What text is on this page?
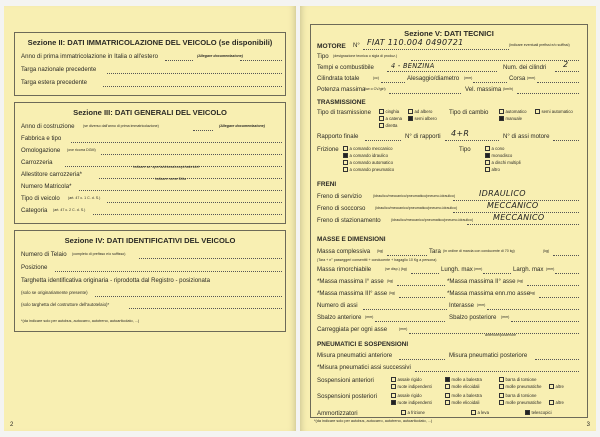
Sezione II: DATI IMMATRICOLAZIONE DEL VEICOLO (se disponibili)
Anno di prima immatricolazione in Italia o all'estero	(Allegare documentazione)
Targa nazionale precedente
Targa estera precedente
Sezione III: DATI GENERALI DEL VEICOLO
Anno di costruzione (se diverso dall'anno di prima immatricolazione)	(Allegare documentazione)
Fabbrica e tipo
Omologazione (ove ricorra DGM)
Carrozzeria
indicare se: aperta/chiusa/coupè/cabriolet
Allestitore carrozzeria*
indicare nome Ditta
Numero Matricola*
Tipo di veicolo (art. 47 c. 1 C. d. S.)
Categoria (art. 47 c. 2 C. d. S.)
Sezione IV: DATI IDENTIFICATIVI DEL VEICOLO
Numero di Telaio (completo di prefisso e/o suffisso)
Posizione
Targhetta identificativa originaria - riprodotta dal Registro - posizionata
(solo se originariamente presente)
(solo targhetta del costruttore dell'autotelaio)*
*(da indicare solo per autobus, autocarro, autotreno, autoarticolato, ...)
2
Sezione V: DATI TECNICI
MOTORE N° FIAT 110.004 0490721	(indicare eventuali prefissi e/o suffissi)
Tipo (designazione tecnica o sigla di produz.)
Tempi e combustibile	4 - BENZINA	Num. dei cilindri 2
Cilindrata totale	(cc)	Alesaggio/diametro (mm)	Corsa (mm)
Potenza massima
(kw o CV/giri)	Vel. massima (km/h)
TRASMISSIONE
Tipo di trasmissione	cinghia
a catena
diretta
ad albero
semi albero
Tipo di cambio	automatico
manuale
semi automatico
Rapporto finale	N° di rapporti 4+R	N° di assi motore
Frizione	a comando meccanico
a comando idraulico
a comando automatico
a comando pneumatico
Tipo	a cono
monodisco
a dischi multipli
altro
FRENI
Freno di servizio	(idraulico/meccanico/pneumatico/pneumo-idraulico)	IDRAULICO
Freno di soccorso	(idraulico/meccanico/pneumatico/pneumo-idraulico)	MECCANICO
Freno di stazionamento	(idraulico/meccanico/pneumatico/pneumo-idraulico) MECCANICO
MASSE E DIMENSIONI
Massa complessiva (kg)	Tara (in ordine di marcia con conducente di 70 kg)	(kg)
(Tara + n° passeggeri consentiti + conducente + bagaglio 10 Kg a persona)
Massa rimorchiabile	(se disp.) (kg)	Lungh. max (mm)	Largh. max (mm)
*Massa massima I° asse (kg)	*Massa massima II° asse (kg)
*Massa massima III° asse (kg)	*Massa massima enn.mo asse (kg)
Numero di assi	Interasse (mm)
Sbalzo anteriore (mm)	Sbalzo posteriore (mm)
Carreggiata per ogni asse	(mm)
anteriore/posteriore
PNEUMATICI E SOSPENSIONI
Misura pneumatici anteriore	Misura pneumatici posteriore
*Misura pneumatici assi successivi
Sospensioni anteriori	assale rigido
ruote indipendenti
molle a balestra
molle elicoidali
barra di torsione
molle pneumatiche	altre
Sospensioni posteriori	assale rigido
ruote indipendenti
molle a balestra
molle elicoidali
barra di torsione
molle pneumatiche	altre
Ammortizzatori	a frizione	a leva	telescopici
*(da indicare solo per autobus, autocarro, autotreno, autoarticolato, ...)
3
